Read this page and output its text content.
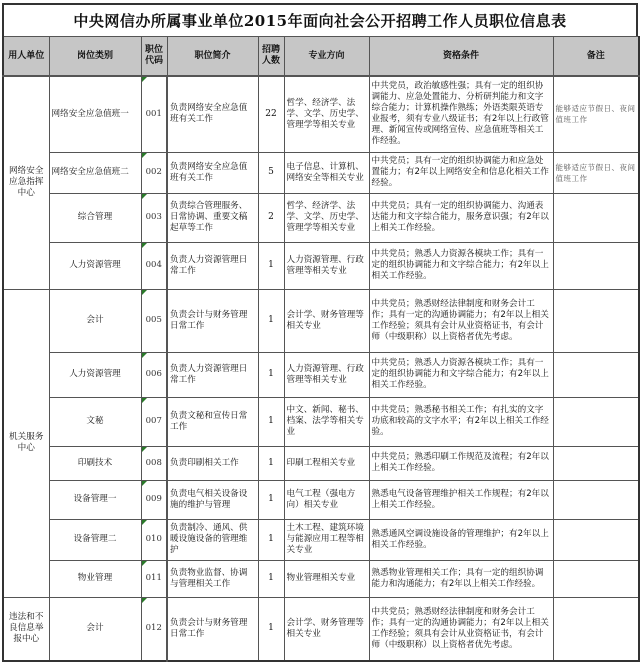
中央网信办所属事业单位2015年面向社会公开招聘工作人员职位信息表
用人单位	岗位类别	职位代码	职位简介	招聘人数	专业方向	资格条件	备注
网络安全应急指挥中心	网络安全应急值班一	001	负责网络安全应急值班有关工作	22	哲学、经济学、法学、文学、历史学、管理学等相关专业	中共党员，政治敏感性强；具有一定的组织协调能力、应急处置能力、分析研判能力和文字综合能力；计算机操作熟练；外语类限英语专业报考，须有专业八级证书；有2年以上行政管理、新闻宣传或网络宣传、应急值班等相关工作经验。	能够适应节假日、夜间值班工作
	网络安全应急值班二	002	负责网络安全应急值班有关工作	5	电子信息、计算机、网络安全等相关专业	中共党员；具有一定的组织协调能力和应急处置能力；有2年以上网络安全和信息化相关工作经验。	能够适应节假日、夜间值班工作
	综合管理	003	负责综合管理服务、日常协调、重要文稿起草等工作	2	哲学、经济学、法学、文学、历史学、管理学等相关专业	中共党员；具有一定的组织协调能力、沟通表达能力和文字综合能力，服务意识强；有2年以上相关工作经验。	
	人力资源管理	004	负责人力资源管理日常工作	1	人力资源管理、行政管理等相关专业	中共党员；熟悉人力资源各模块工作；具有一定的组织协调能力和文字综合能力；有2年以上相关工作经验。	
机关服务中心	会计	005	负责会计与财务管理日常工作	1	会计学、财务管理等相关专业	中共党员；熟悉财经法律制度和财务会计工作；具有一定的沟通协调能力；有2年以上相关工作经验；须具有会计从业资格证书，有会计师（中级职称）以上资格者优先考虑。	
	人力资源管理	006	负责人力资源管理日常工作	1	人力资源管理、行政管理等相关专业	中共党员；熟悉人力资源各模块工作；具有一定的组织协调能力和文字综合能力；有2年以上相关工作经验。	
	文秘	007	负责文秘和宣传日常工作	1	中文、新闻、秘书、档案、法学等相关专业	中共党员；熟悉秘书相关工作；有扎实的文字功底和较高的文字水平；有2年以上相关工作经验。	
	印刷技术	008	负责印刷相关工作	1	印刷工程相关专业	中共党员；熟悉印刷工作规范及流程；有2年以上相关工作经验。	
	设备管理一	009	负责电气相关设备设施的维护与管理	1	电气工程（强电方向）相关专业	熟悉电气设备管理维护相关工作规程；有2年以上相关工作经验。	
	设备管理二	010	负责制冷、通风、供暖设施设备的管理维护	1	土木工程、建筑环境与能源应用工程等相关专业	熟悉通风空调设施设备的管理维护；有2年以上相关工作经验。	
	物业管理	011	负责物业监督、协调与管理相关工作	1	物业管理相关专业	熟悉物业管理相关工作；具有一定的组织协调能力和沟通能力；有2年以上相关工作经验。	
违法和不良信息举报中心	会计	012	负责会计与财务管理日常工作	1	会计学、财务管理等相关专业	中共党员；熟悉财经法律制度和财务会计工作；具有一定的沟通协调能力；有2年以上相关工作经验；须具有会计从业资格证书，有会计师（中级职称）以上资格者优先考虑。	
